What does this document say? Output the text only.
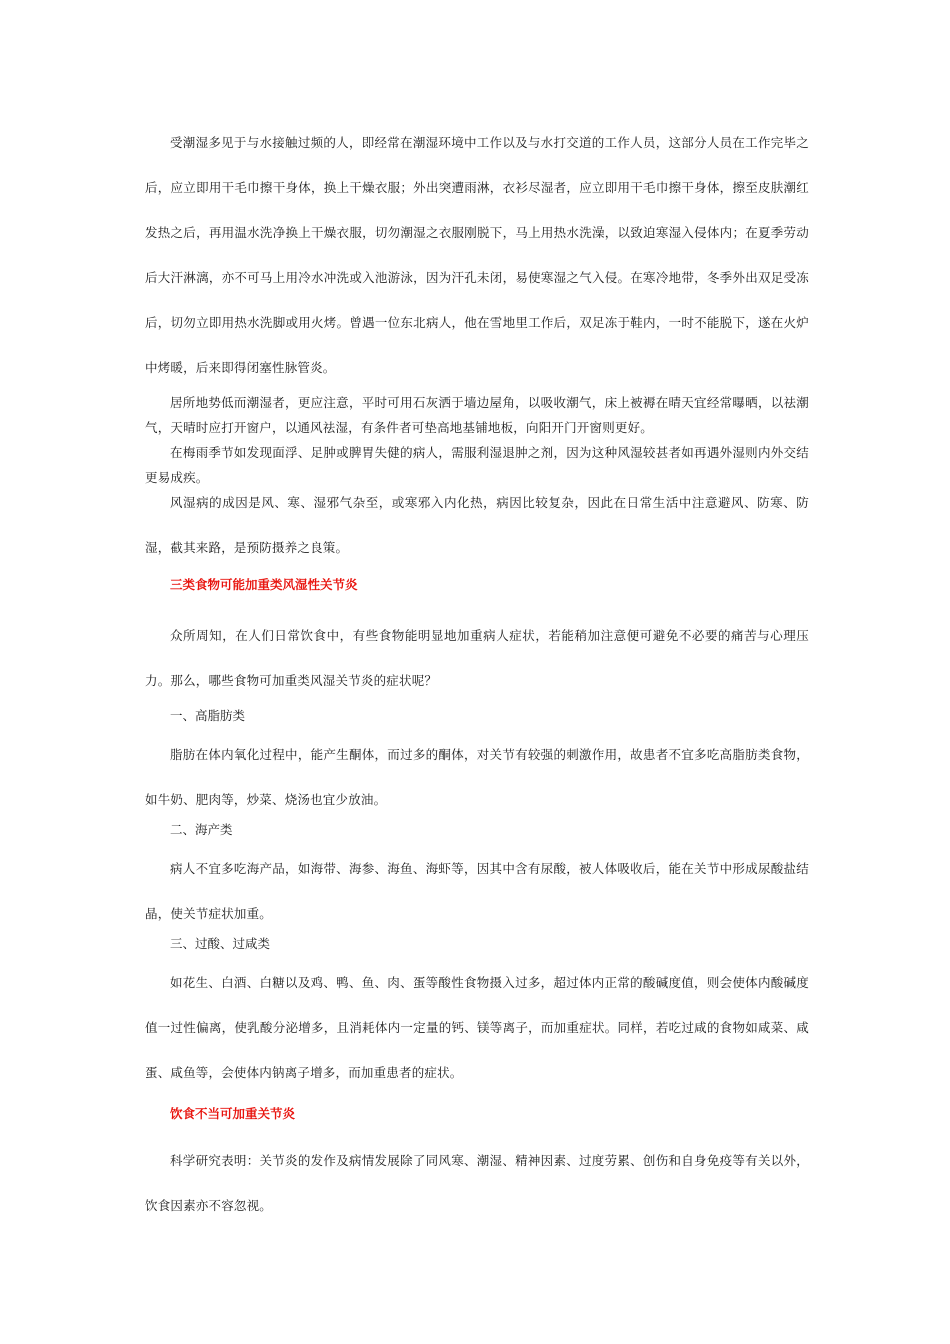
受潮湿多见于与水接触过频的人，即经常在潮湿环境中工作以及与水打交道的工作人员，这部分人员在工作完毕之后，应立即用干毛巾擦干身体，换上干燥衣服；外出突遭雨淋，衣衫尽湿者，应立即用干毛巾擦干身体，擦至皮肤潮红发热之后，再用温水洗净换上干燥衣服，切勿潮湿之衣服刚脱下，马上用热水洗澡，以致迫寒湿入侵体内；在夏季劳动后大汗淋漓，亦不可马上用冷水冲洗或入池游泳，因为汗孔未闭，易使寒湿之气入侵。在寒冷地带，冬季外出双足受冻后，切勿立即用热水洗脚或用火烤。曾遇一位东北病人，他在雪地里工作后，双足冻于鞋内，一时不能脱下，遂在火炉中烤暖，后来即得闭塞性脉管炎。

居所地势低而潮湿者，更应注意，平时可用石灰洒于墙边屋角，以吸收潮气，床上被褥在晴天宜经常曝晒，以祛潮气，天晴时应打开窗户，以通风祛湿，有条件者可垫高地基铺地板，向阳开门开窗则更好。

在梅雨季节如发现面浮、足肿或脾胃失健的病人，需服利湿退肿之剂，因为这种风湿较甚者如再遇外湿则内外交结更易成疾。

风湿病的成因是风、寒、湿邪气杂至，或寒邪入内化热，病因比较复杂，因此在日常生活中注意避风、防寒、防湿，截其来路，是预防摄养之良策。

三类食物可能加重类风湿性关节炎

众所周知，在人们日常饮食中，有些食物能明显地加重病人症状，若能稍加注意便可避免不必要的痛苦与心理压力。那么，哪些食物可加重类风湿关节炎的症状呢？

一、高脂肪类

脂肪在体内氧化过程中，能产生酮体，而过多的酮体，对关节有较强的刺激作用，故患者不宜多吃高脂肪类食物，如牛奶、肥肉等，炒菜、烧汤也宜少放油。

二、海产类

病人不宜多吃海产品，如海带、海参、海鱼、海虾等，因其中含有尿酸，被人体吸收后，能在关节中形成尿酸盐结晶，使关节症状加重。

三、过酸、过咸类

如花生、白酒、白糖以及鸡、鸭、鱼、肉、蛋等酸性食物摄入过多，超过体内正常的酸碱度值，则会使体内酸碱度值一过性偏离，使乳酸分泌增多，且消耗体内一定量的钙、镁等离子，而加重症状。同样，若吃过咸的食物如咸菜、咸蛋、咸鱼等，会使体内钠离子增多，而加重患者的症状。

饮食不当可加重关节炎

科学研究表明：关节炎的发作及病情发展除了同风寒、潮湿、精神因素、过度劳累、创伤和自身免疫等有关以外，饮食因素亦不容忽视。
